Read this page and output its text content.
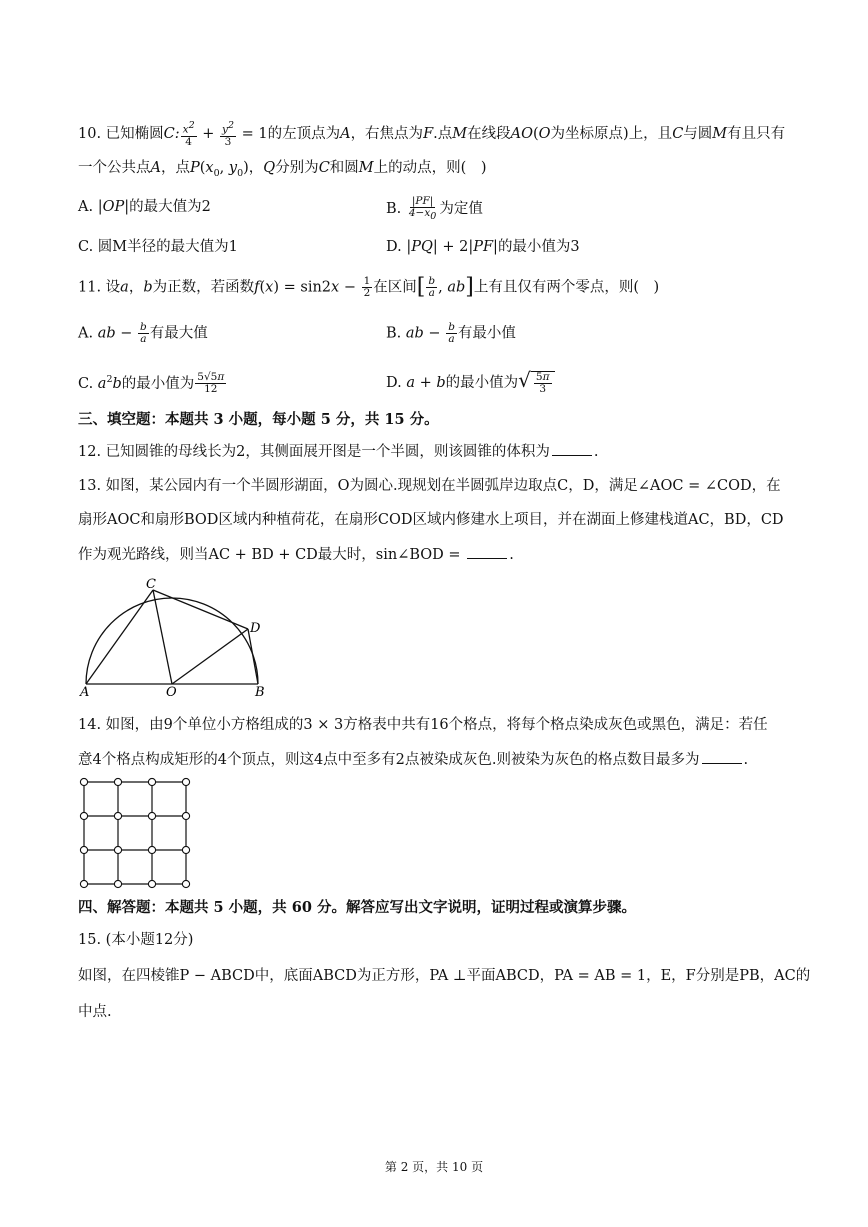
10. 已知椭圆C: $\frac{x^2}{4} + \frac{y^2}{3} = 1$的左顶点为A，右焦点为F.点M在线段AO(O为坐标原点)上，且C与圆M有且只有
一个公共点A，点$P(x_0$, $y_0$)，Q分别为C和圆M上的动点，则(　)
A. |OP|的最大值为2	B. $\frac{|PF|}{4-x_0}$ 为定值
C. 圆M半径的最大值为1	D. |PQ| + 2|PF|的最小值为3
11. 设a，b为正数，若函数$f(x) = \sin 2x - \frac{1}{2}$ 在区间[ $\frac{b}{a}$ , ab]上有且仅有两个零点，则(　)
A. ab − $\frac{b}{a}$ 有最大值	B. ab − $\frac{b}{a}$ 有最小值
C. $a^2b$的最小值为 $\frac{5√5\pi}{12}$	D. a + b的最小值为√ $\frac{5\pi}{3}$
三、填空题：本题共 3 小题，每小题 5 分，共 15 分。
12. 已知圆锥的母线长为2，其侧面展开图是一个半圆，则该圆锥的体积为	.
13. 如图，某公园内有一个半圆形湖面，O为圆心.现规划在半圆弧岸边取点C，D，满足∠AOC = ∠COD，在
扇形AOC和扇形BOD区域内种植荷花，在扇形COD区域内修建水上项目，并在湖面上修建栈道AC，BD，CD
作为观光路线，则当AC + BD + CD最大时，sin∠BOD =	.
A	O	B
C
D
14. 如图，由9个单位小方格组成的3 × 3方格表中共有16个格点，将每个格点染成灰色或黑色，满足：若任
意4个格点构成矩形的4个顶点，则这4点中至多有2点被染成灰色.则被染为灰色的格点数目最多为	.
四、解答题：本题共 5 小题，共 60 分。解答应写出文字说明，证明过程或演算步骤。
15. (本小题12分)
如图，在四棱锥P − ABCD中，底面ABCD为正方形，PA ⊥平面ABCD，PA = AB = 1，E，F分别是PB，AC的
中点.
第 2 页，共 10 页
